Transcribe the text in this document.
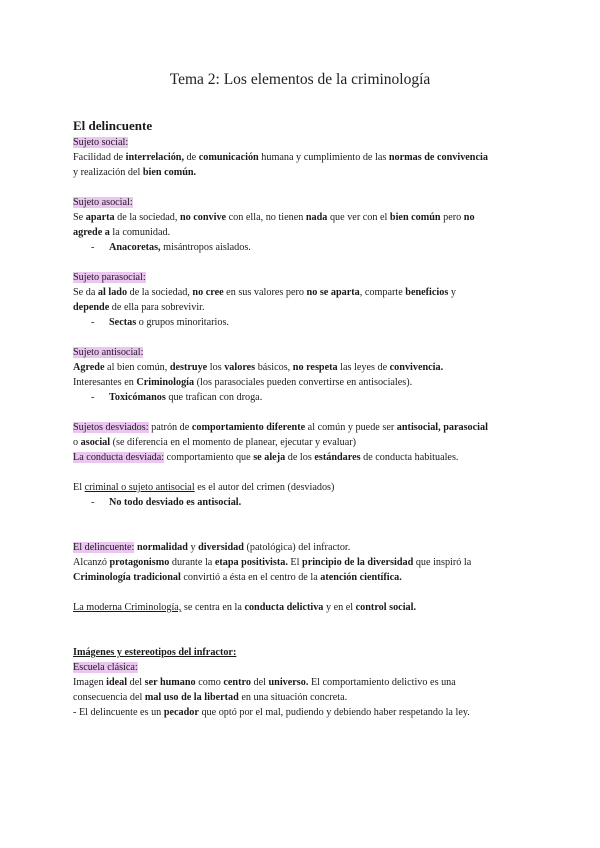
Tema 2: Los elementos de la criminología
El delincuente
Sujeto social:
Facilidad de interrelación, de comunicación humana y cumplimiento de las normas de convivencia
y realización del bien común.
Sujeto asocial:
Se aparta de la sociedad, no convive con ella, no tienen nada que ver con el bien común pero no
agrede a la comunidad.
- Anacoretas, misántropos aislados.
Sujeto parasocial:
Se da al lado de la sociedad, no cree en sus valores pero no se aparta, comparte beneficios y
depende de ella para sobrevivir.
- Sectas o grupos minoritarios.
Sujeto antisocial:
Agrede al bien común, destruye los valores básicos, no respeta las leyes de convivencia.
Interesantes en Criminología (los parasociales pueden convertirse en antisociales).
- Toxicómanos que trafican con droga.
Sujetos desviados: patrón de comportamiento diferente al común y puede ser antisocial, parasocial
o asocial (se diferencia en el momento de planear, ejecutar y evaluar)
La conducta desviada: comportamiento que se aleja de los estándares de conducta habituales.
El criminal o sujeto antisocial es el autor del crimen (desviados)
- No todo desviado es antisocial.
El delincuente: normalidad y diversidad (patológica) del infractor.
Alcanzó protagonismo durante la etapa positivista. El principio de la diversidad que inspiró la
Criminología tradicional convirtió a ésta en el centro de la atención científica.
La moderna Criminología, se centra en la conducta delictiva y en el control social.
Imágenes y estereotipos del infractor:
Escuela clásica:
Imagen ideal del ser humano como centro del universo. El comportamiento delictivo es una
consecuencia del mal uso de la libertad en una situación concreta.
- El delincuente es un pecador que optó por el mal, pudiendo y debiendo haber respetando la ley.
